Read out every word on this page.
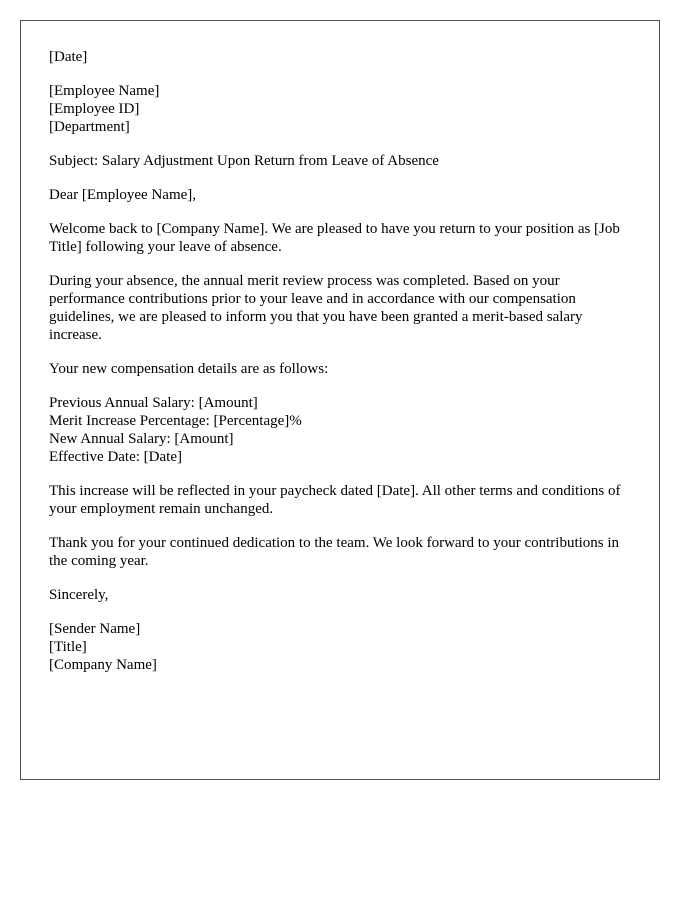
[Date]
[Employee Name]
[Employee ID]
[Department]
Subject: Salary Adjustment Upon Return from Leave of Absence
Dear [Employee Name],

Welcome back to [Company Name]. We are pleased to have you return to your position as [Job Title] following your leave of absence.

During your absence, the annual merit review process was completed. Based on your performance contributions prior to your leave and in accordance with our compensation guidelines, we are pleased to inform you that you have been granted a merit-based salary increase.

Your new compensation details are as follows:

Previous Annual Salary: [Amount]
Merit Increase Percentage: [Percentage]%
New Annual Salary: [Amount]
Effective Date: [Date]

This increase will be reflected in your paycheck dated [Date]. All other terms and conditions of your employment remain unchanged.

Thank you for your continued dedication to the team. We look forward to your contributions in the coming year.

Sincerely,
[Sender Name]
[Title]
[Company Name]
